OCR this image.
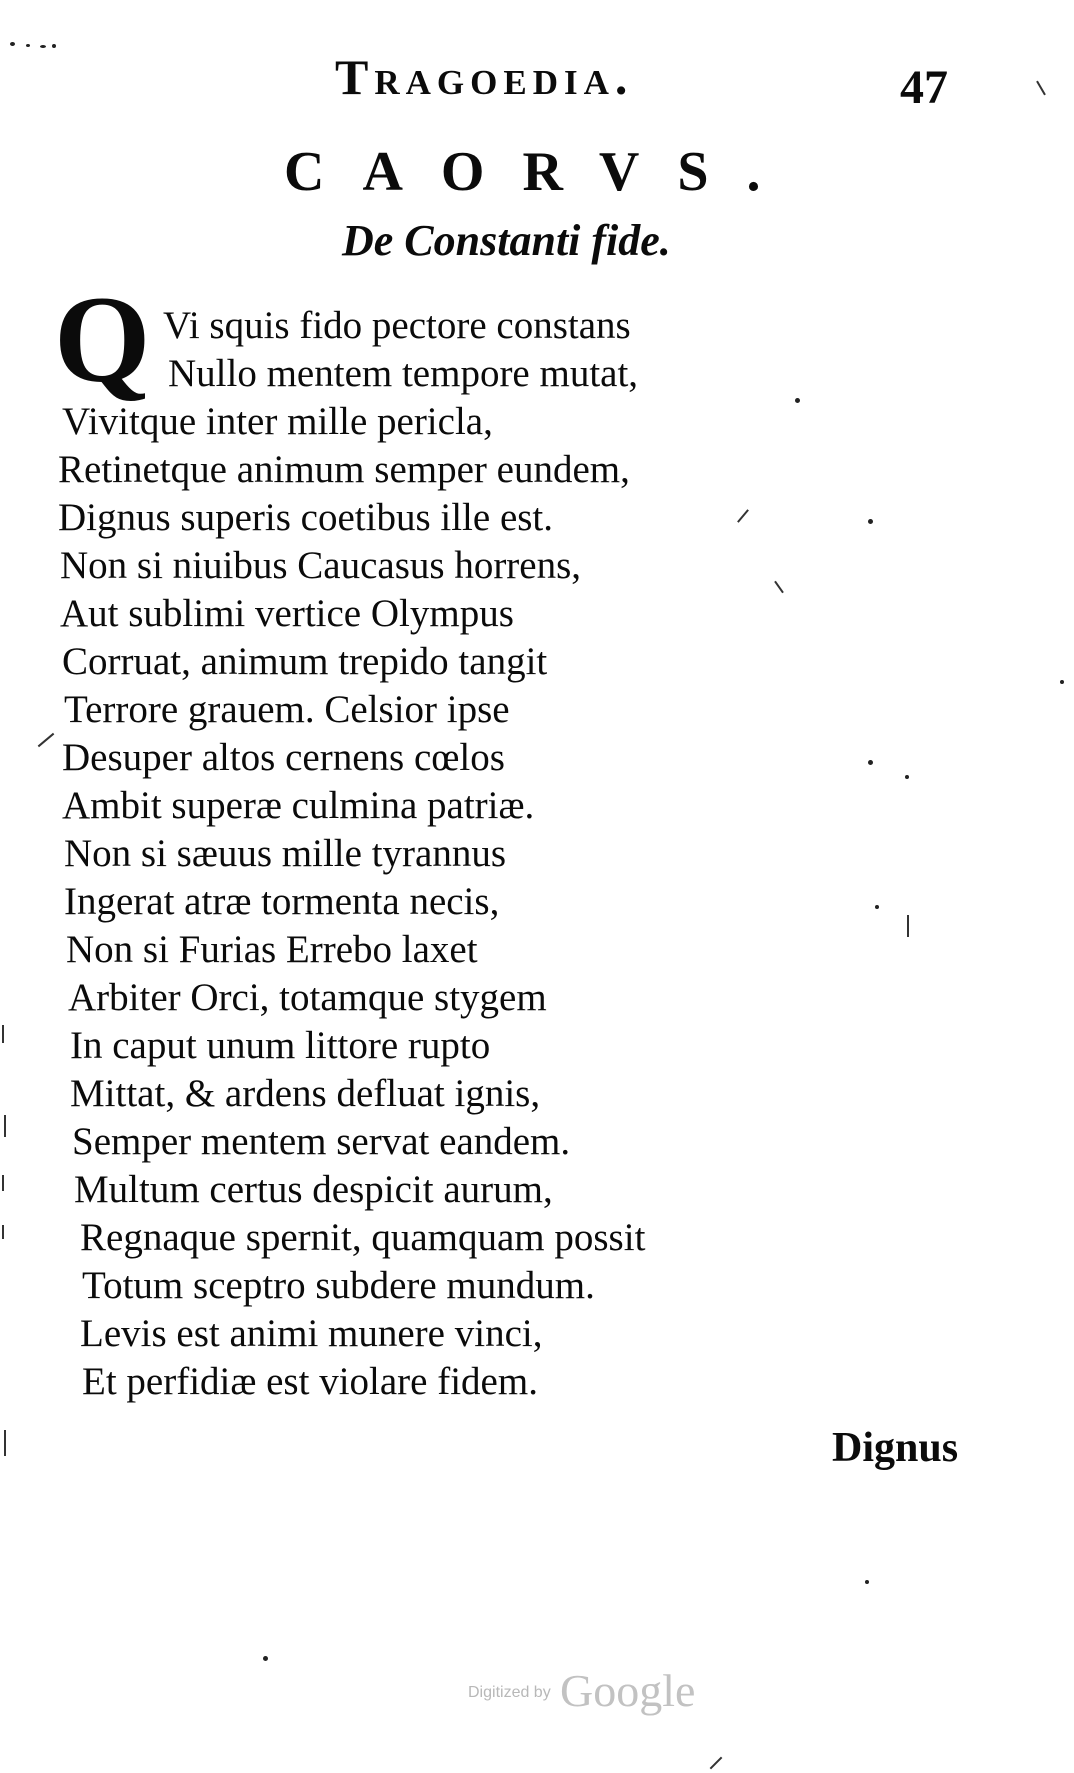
Tragoedia.	47
CAORVS.
De Constanti fide.
Q Vi squis fido pectore constans
Nullo mentem tempore mutat,
Vivitque inter mille pericla,
Retinetque animum semper eundem,
Dignus superis coetibus ille est.
Non si niuibus Caucasus horrens,
Aut sublimi vertice Olympus
Corruat, animum trepido tangit
Terrore grauem. Celsior ipse
Desuper altos cernens cœlos
Ambit superæ culmina patriæ.
Non si sæuus mille tyrannus
Ingerat atræ tormenta necis,
Non si Furias Errebo laxet
Arbiter Orci, totamque stygem
In caput unum littore rupto
Mittat, & ardens defluat ignis,
Semper mentem servat eandem.
Multum certus despicit aurum,
Regnaque spernit, quamquam possit
Totum sceptro subdere mundum.
Levis est animi munere vinci,
Et perfidiæ est violare fidem.
Dignus
Digitized by Google
